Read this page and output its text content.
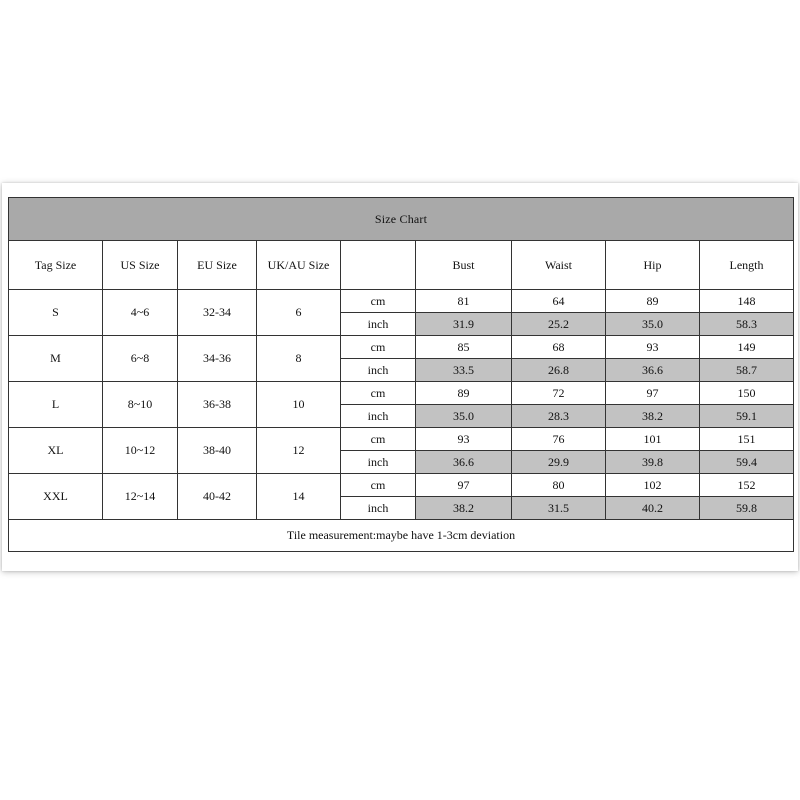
Size Chart								
Tag Size	US Size	EU Size	UK/AU Size		Bust	Waist	Hip	Length
S	4~6	32-34	6	cm	81	64	89	148
				inch	31.9	25.2	35.0	58.3
M	6~8	34-36	8	cm	85	68	93	149
				inch	33.5	26.8	36.6	58.7
L	8~10	36-38	10	cm	89	72	97	150
				inch	35.0	28.3	38.2	59.1
XL	10~12	38-40	12	cm	93	76	101	151
				inch	36.6	29.9	39.8	59.4
XXL	12~14	40-42	14	cm	97	80	102	152
				inch	38.2	31.5	40.2	59.8
Tile measurement:maybe have 1-3cm deviation								
